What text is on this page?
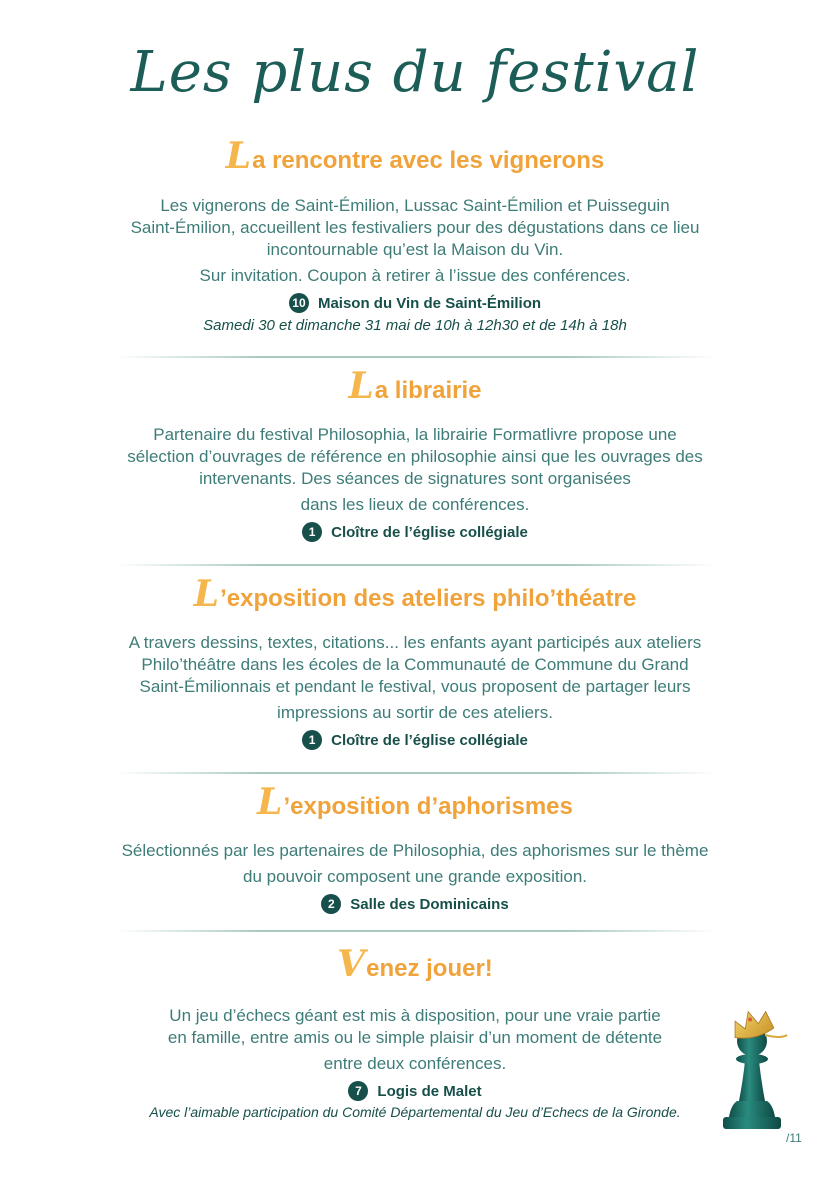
Les plus du festival
La rencontre avec les vignerons

Les vignerons de Saint-Émilion, Lussac Saint-Émilion et Puisseguin
Saint-Émilion, accueillent les festivaliers pour des dégustations dans ce lieu
incontournable qu’est la Maison du Vin.

Sur invitation. Coupon à retirer à l’issue des conférences.

10 Maison du Vin de Saint-Émilion
Samedi 30 et dimanche 31 mai de 10h à 12h30 et de 14h à 18h
La librairie

Partenaire du festival Philosophia, la librairie Formatlivre propose une
sélection d’ouvrages de référence en philosophie ainsi que les ouvrages des
intervenants. Des séances de signatures sont organisées

dans les lieux de conférences.

1	Cloître de l’église collégiale
L’exposition des ateliers philo’théatre

A travers dessins, textes, citations... les enfants ayant participés aux ateliers
Philo’théâtre dans les écoles de la Communauté de Commune du Grand
Saint-Émilionnais et pendant le festival, vous proposent de partager leurs

impressions au sortir de ces ateliers.

1	Cloître de l’église collégiale
L’exposition d’aphorismes

Sélectionnés par les partenaires de Philosophia, des aphorismes sur le thème

du pouvoir composent une grande exposition.

2	Salle des Dominicains
Venez jouer!

Un jeu d’échecs géant est mis à disposition, pour une vraie partie
en famille, entre amis ou le simple plaisir d’un moment de détente

entre deux conférences.

7	Logis de Malet
Avec l’aimable participation du Comité Départemental du Jeu d’Echecs de la Gironde.
/11
